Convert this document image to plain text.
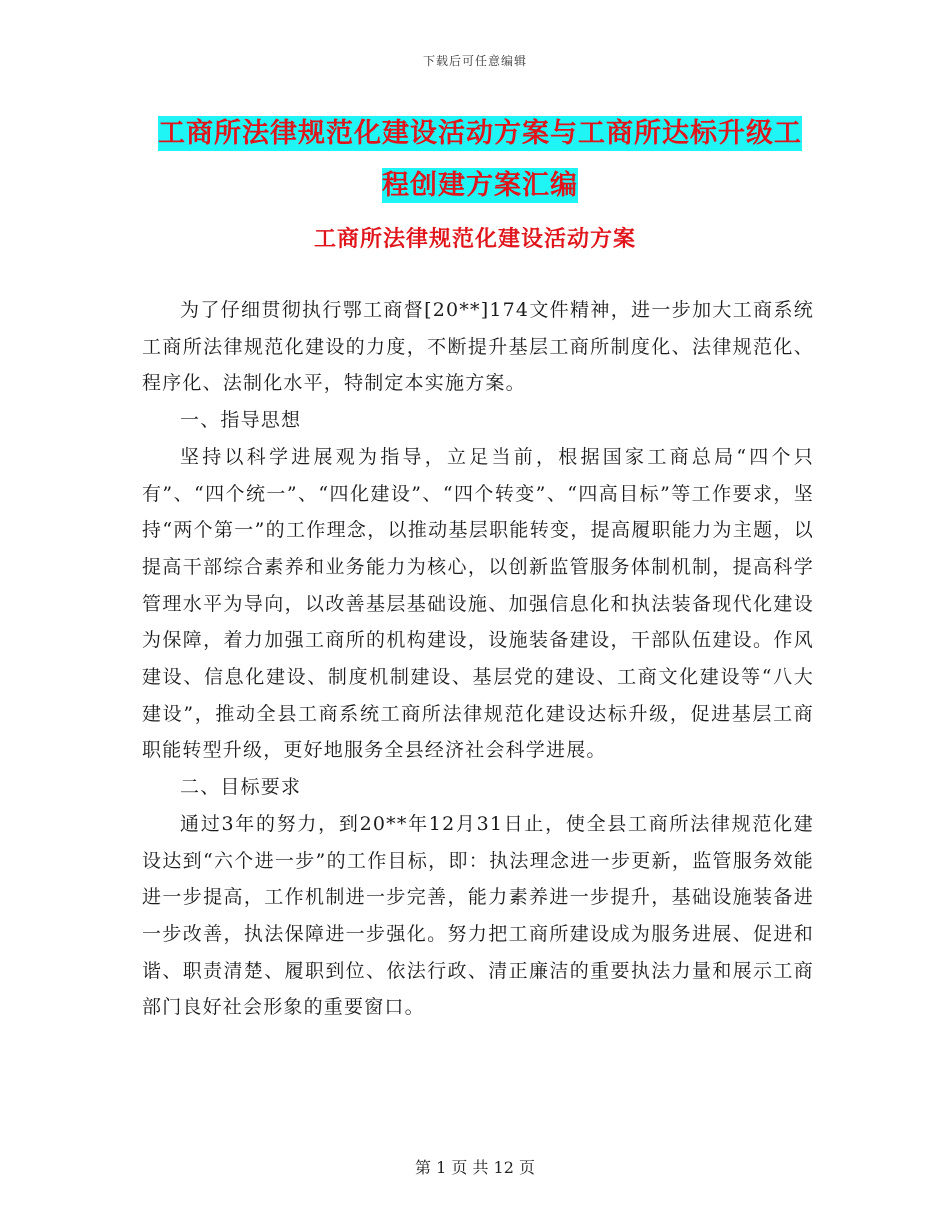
下载后可任意编辑
工商所法律规范化建设活动方案与工商所达标升级工
程创建方案汇编
工商所法律规范化建设活动方案

为了仔细贯彻执行鄂工商督[20**]174文件精神，进一步加大工商系统工商所法律规范化建设的力度，不断提升基层工商所制度化、法律规范化、程序化、法制化水平，特制定本实施方案。

一、指导思想

坚持以科学进展观为指导，立足当前，根据国家工商总局“四个只有”、“四个统一”、“四化建设”、“四个转变”、“四高目标”等工作要求，坚持“两个第一”的工作理念，以推动基层职能转变，提高履职能力为主题，以提高干部综合素养和业务能力为核心，以创新监管服务体制机制，提高科学管理水平为导向，以改善基层基础设施、加强信息化和执法装备现代化建设为保障，着力加强工商所的机构建设，设施装备建设，干部队伍建设。作风建设、信息化建设、制度机制建设、基层党的建设、工商文化建设等“八大建设”，推动全县工商系统工商所法律规范化建设达标升级，促进基层工商职能转型升级，更好地服务全县经济社会科学进展。

二、目标要求

通过3年的努力，到20**年12月31日止，使全县工商所法律规范化建设达到“六个进一步”的工作目标，即：执法理念进一步更新，监管服务效能进一步提高，工作机制进一步完善，能力素养进一步提升，基础设施装备进一步改善，执法保障进一步强化。努力把工商所建设成为服务进展、促进和谐、职责清楚、履职到位、依法行政、清正廉洁的重要执法力量和展示工商部门良好社会形象的重要窗口。

第 1 页 共 12 页
